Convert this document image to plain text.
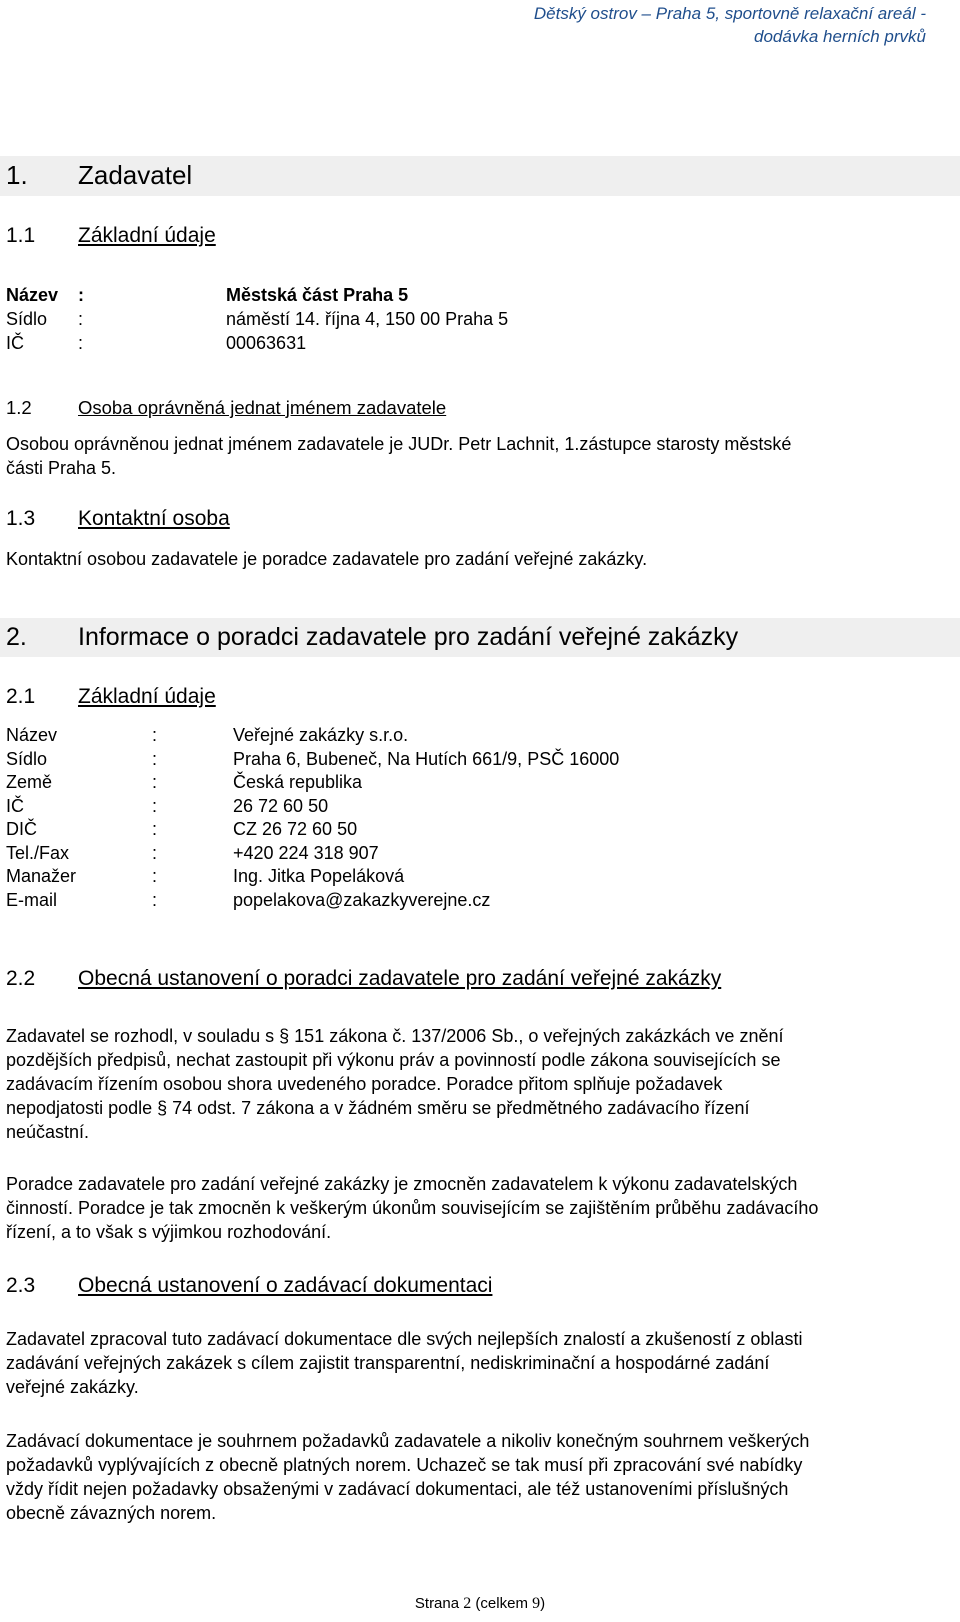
Dětský ostrov – Praha 5, sportovně relaxační areál -
dodávka herních prvků
1. Zadavatel
1.1 Základní údaje
Název :	Městská část Praha 5
Sídlo :	náměstí 14. října 4, 150 00 Praha 5
IČ	:	00063631
1.2	Osoba oprávněná jednat jménem zadavatele
Osobou oprávněnou jednat jménem zadavatele je JUDr. Petr Lachnit, 1.zástupce starosty městské
části Praha 5.
1.3 Kontaktní osoba
Kontaktní osobou zadavatele je poradce zadavatele pro zadání veřejné zakázky.
2. Informace o poradci zadavatele pro zadání veřejné zakázky
2.1 Základní údaje
Název	:	Veřejné zakázky s.r.o.
Sídlo	:	Praha 6, Bubeneč, Na Hutích 661/9, PSČ 16000
Země	:	Česká republika
IČ	:	26 72 60 50
DIČ	:	CZ 26 72 60 50
Tel./Fax	:	+420 224 318 907
Manažer	:	Ing. Jitka Popeláková
E-mail	:	popelakova@zakazkyverejne.cz
2.2 Obecná ustanovení o poradci zadavatele pro zadání veřejné zakázky
Zadavatel se rozhodl, v souladu s § 151 zákona č. 137/2006 Sb., o veřejných zakázkách ve znění
pozdějších předpisů, nechat zastoupit při výkonu práv a povinností podle zákona souvisejících se
zadávacím řízením osobou shora uvedeného poradce. Poradce přitom splňuje požadavek
nepodjatosti podle § 74 odst. 7 zákona a v žádném směru se předmětného zadávacího řízení
neúčastní.
Poradce zadavatele pro zadání veřejné zakázky je zmocněn zadavatelem k výkonu zadavatelských
činností. Poradce je tak zmocněn k veškerým úkonům souvisejícím se zajištěním průběhu zadávacího
řízení, a to však s výjimkou rozhodování.
2.3 Obecná ustanovení o zadávací dokumentaci
Zadavatel zpracoval tuto zadávací dokumentace dle svých nejlepších znalostí a zkušeností z oblasti
zadávání veřejných zakázek s cílem zajistit transparentní, nediskriminační a hospodárné zadání
veřejné zakázky.
Zadávací dokumentace je souhrnem požadavků zadavatele a nikoliv konečným souhrnem veškerých
požadavků vyplývajících z obecně platných norem. Uchazeč se tak musí při zpracování své nabídky
vždy řídit nejen požadavky obsaženými v zadávací dokumentaci, ale též ustanoveními příslušných
obecně závazných norem.
Strana 2 (celkem 9)
